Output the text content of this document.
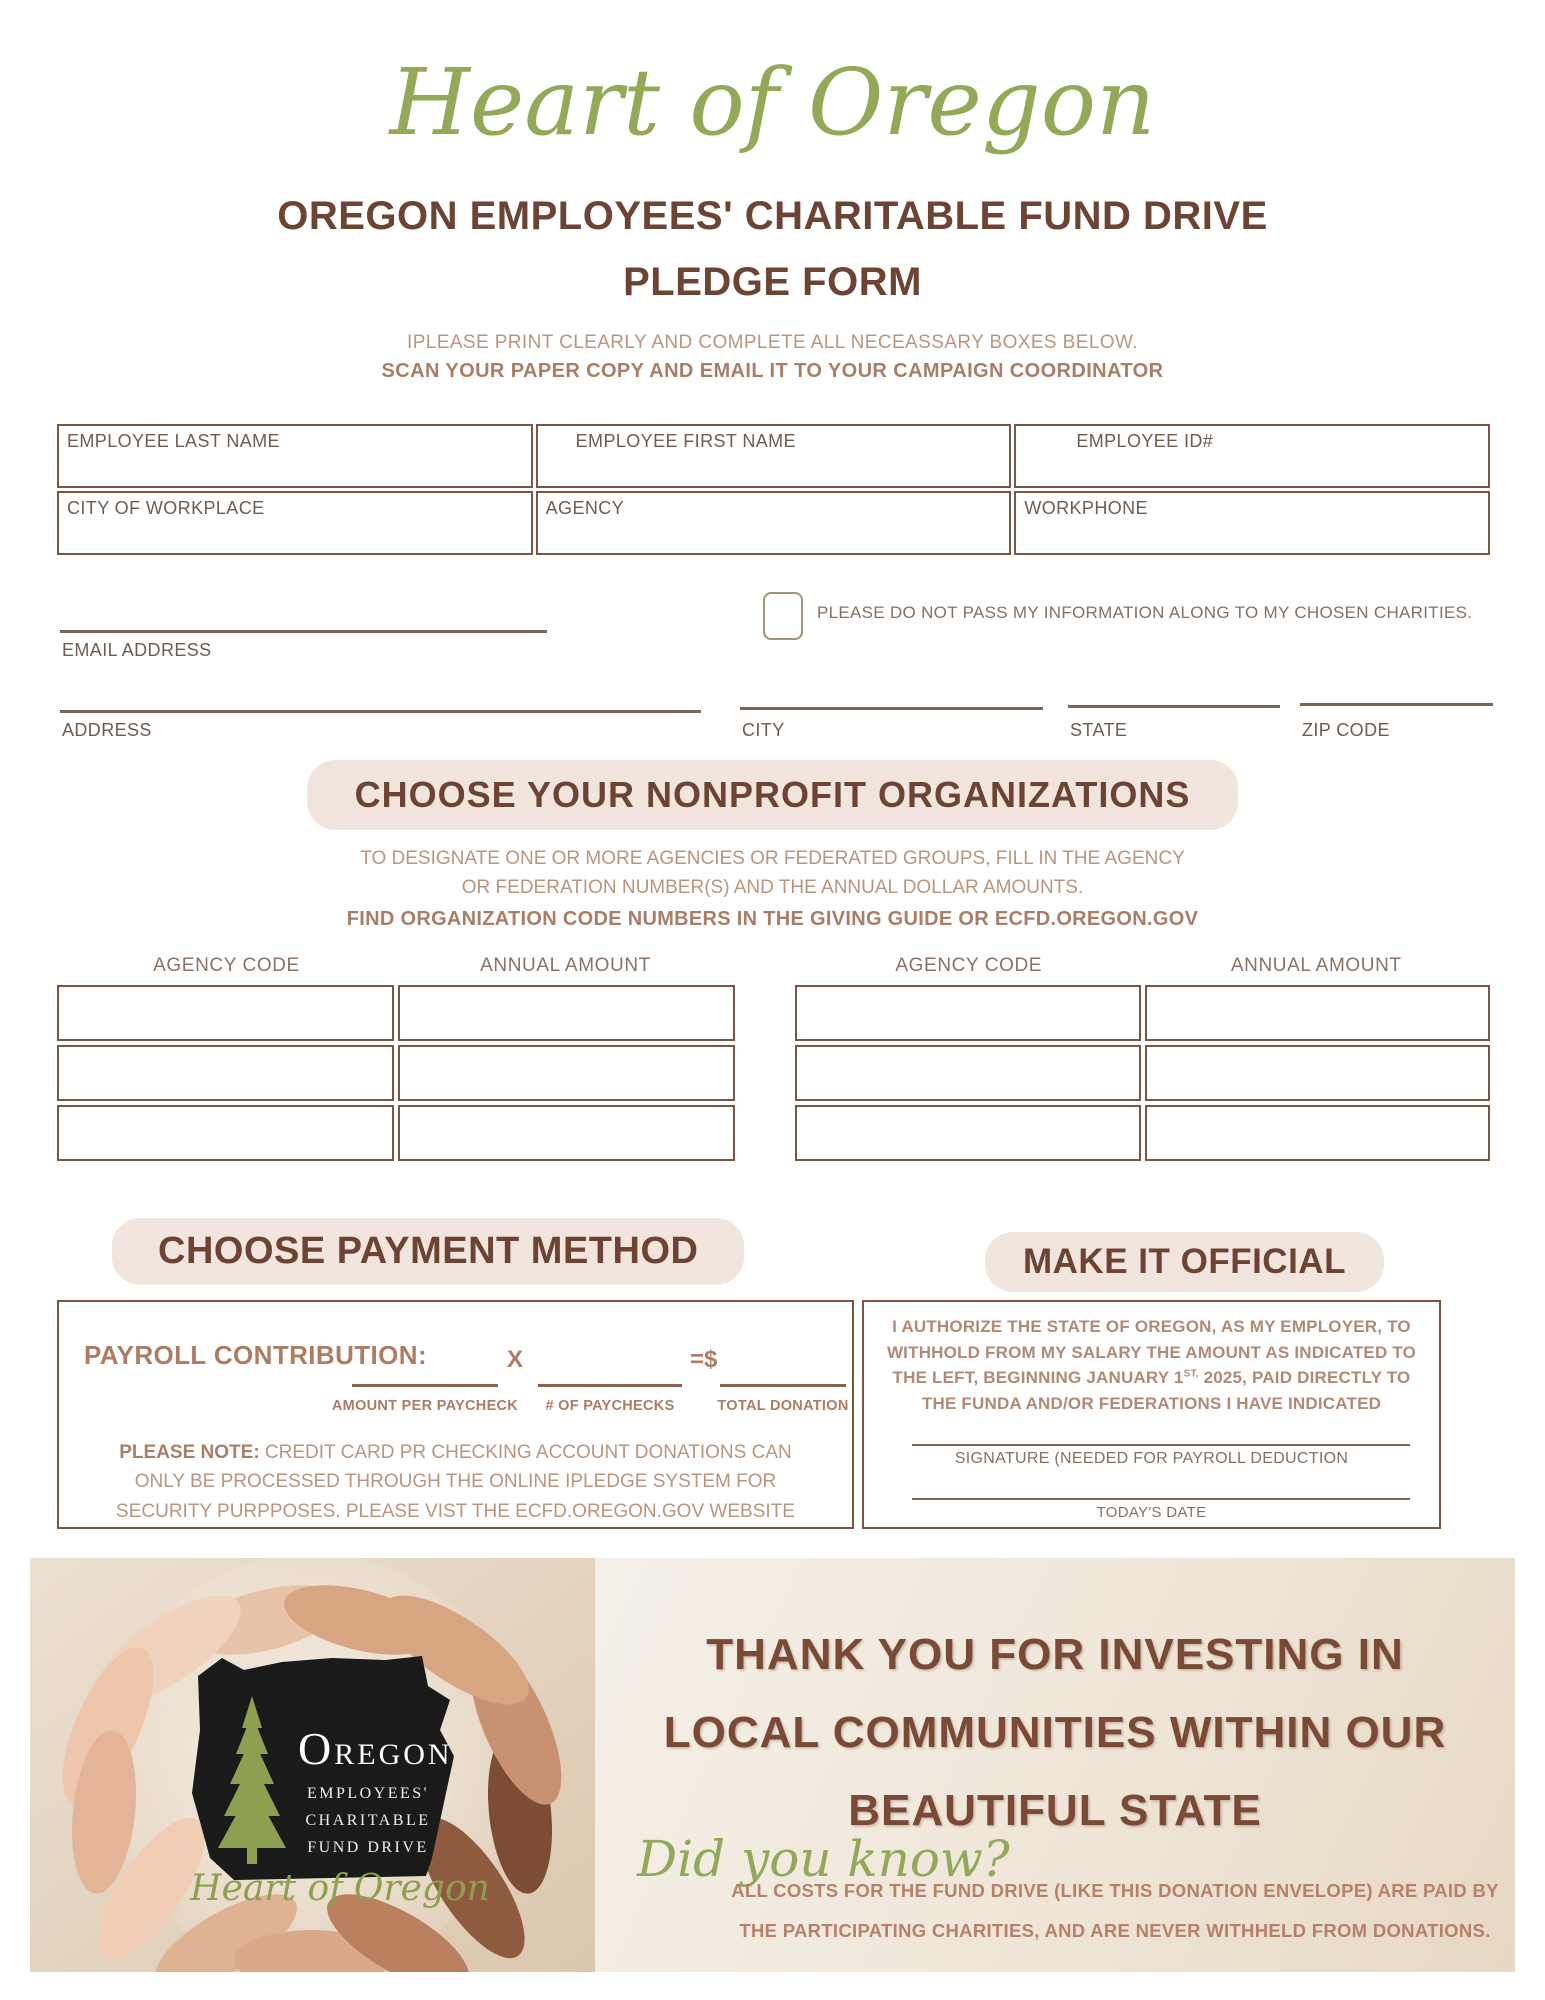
Heart of Oregon
OREGON EMPLOYEES' CHARITABLE FUND DRIVE
PLEDGE FORM
IPLEASE PRINT CLEARLY AND COMPLETE ALL NECEASSARY BOXES BELOW.
SCAN YOUR PAPER COPY AND EMAIL IT TO YOUR CAMPAIGN COORDINATOR
EMPLOYEE LAST NAME	EMPLOYEE FIRST NAME	EMPLOYEE ID#
CITY OF WORKPLACE	AGENCY	WORKPHONE
EMAIL ADDRESS
PLEASE DO NOT PASS MY INFORMATION ALONG TO MY CHOSEN CHARITIES.
ADDRESS	CITY	STATE	ZIP CODE
CHOOSE YOUR NONPROFIT ORGANIZATIONS
TO DESIGNATE ONE OR MORE AGENCIES OR FEDERATED GROUPS, FILL IN THE AGENCY
OR FEDERATION NUMBER(S) AND THE ANNUAL DOLLAR AMOUNTS.
FIND ORGANIZATION CODE NUMBERS IN THE GIVING GUIDE OR ECFD.OREGON.GOV
AGENCY CODE	ANNUAL AMOUNT	AGENCY CODE	ANNUAL AMOUNT
CHOOSE PAYMENT METHOD	MAKE IT OFFICIAL
PAYROLL CONTRIBUTION:	X	=$
AMOUNT PER PAYCHECK # OF PAYCHECKS	TOTAL DONATION
PLEASE NOTE: CREDIT CARD PR CHECKING ACCOUNT DONATIONS CAN ONLY BE PROCESSED THROUGH THE ONLINE IPLEDGE SYSTEM FOR SECURITY PURPPOSES. PLEASE VIST THE ECFD.OREGON.GOV WEBSITE

I AUTHORIZE THE STATE OF OREGON, AS MY EMPLOYER, TO WITHHOLD FROM MY SALARY THE AMOUNT AS INDICATED TO THE LEFT, BEGINNING JANUARY $1^{ST,}$ 2025, PAID DIRECTLY TO THE FUNDA AND/OR FEDERATIONS I HAVE INDICATED

SIGNATURE (NEEDED FOR PAYROLL DEDUCTION
TODAY'S DATE
OREGON
EMPLOYEES'
CHARITABLE
FUND DRIVE
Heart of Oregon
THANK YOU FOR INVESTING IN
LOCAL COMMUNITIES WITHIN OUR
BEAUTIFUL STATE
Did you know?
ALL COSTS FOR THE FUND DRIVE (LIKE THIS DONATION ENVELOPE) ARE PAID BY
THE PARTICIPATING CHARITIES, AND ARE NEVER WITHHELD FROM DONATIONS.
